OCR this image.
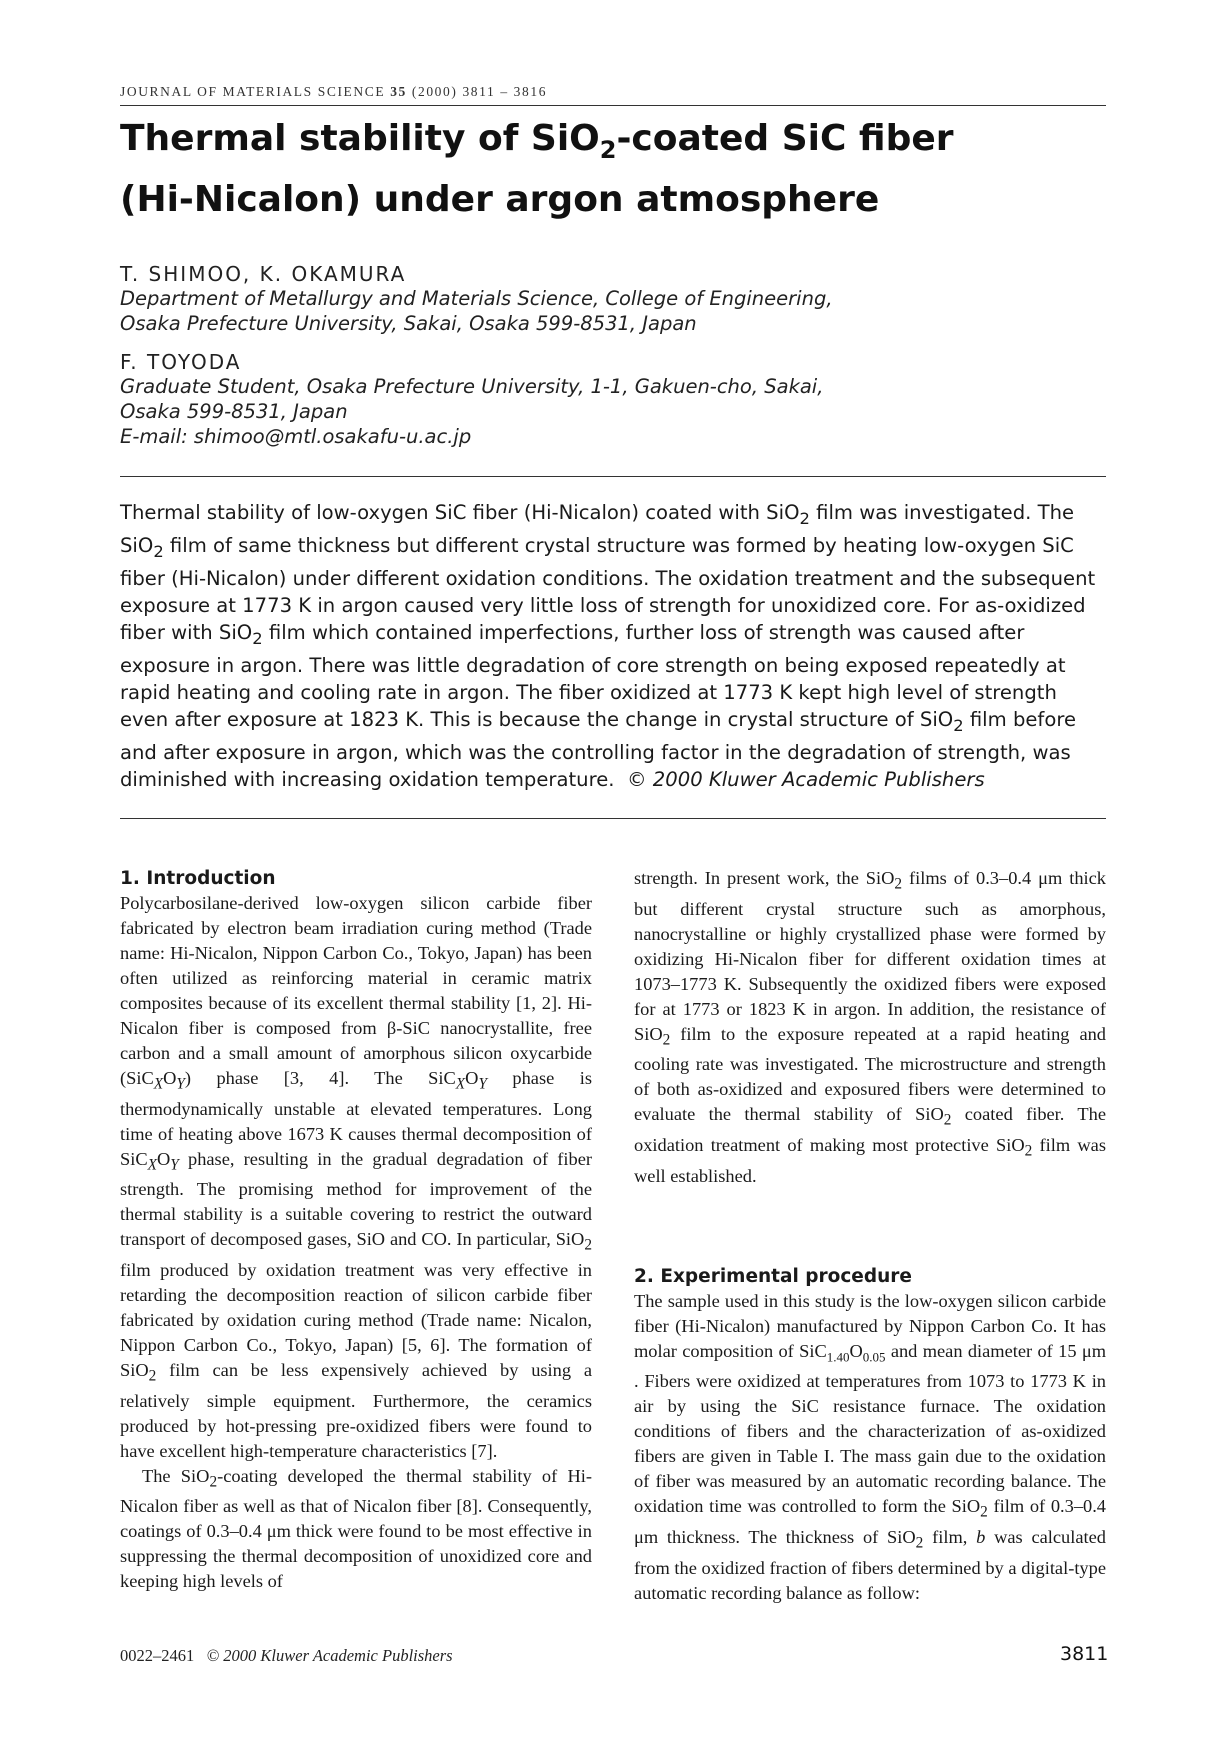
JOURNAL OF MATERIALS SCIENCE 35 (2000) 3811 – 3816
Thermal stability of SiO$_2$-coated SiC fiber
(Hi-Nicalon) under argon atmosphere
T. SHIMOO, K. OKAMURA
Department of Metallurgy and Materials Science, College of Engineering,
Osaka Prefecture University, Sakai, Osaka 599-8531, Japan
F. TOYODA
Graduate Student, Osaka Prefecture University, 1-1, Gakuen-cho, Sakai,
Osaka 599-8531, Japan
E-mail: shimoo@mtl.osakafu-u.ac.jp

Thermal stability of low-oxygen SiC fiber (Hi-Nicalon) coated with SiO$_2$ film was investigated. The SiO$_2$ film of same thickness but different crystal structure was formed by heating low-oxygen SiC fiber (Hi-Nicalon) under different oxidation conditions. The oxidation treatment and the subsequent exposure at 1773 K in argon caused very little loss of strength for unoxidized core. For as-oxidized fiber with SiO$_2$ film which contained imperfections, further loss of strength was caused after exposure in argon. There was little degradation of core strength on being exposed repeatedly at rapid heating and cooling rate in argon. The fiber oxidized at 1773 K kept high level of strength even after exposure at 1823 K. This is because the change in crystal structure of SiO$_2$ film before and after exposure in argon, which was the controlling factor in the degradation of strength, was diminished with increasing oxidation temperature. © 2000 Kluwer Academic Publishers

1. Introduction

Polycarbosilane-derived low-oxygen silicon carbide fiber fabricated by electron beam irradiation curing method (Trade name: Hi-Nicalon, Nippon Carbon Co., Tokyo, Japan) has been often utilized as reinforcing material in ceramic matrix composites because of its excellent thermal stability [1, 2]. Hi-Nicalon fiber is composed from β-SiC nanocrystallite, free carbon and a small amount of amorphous silicon oxycarbide $(SiC_XO_Y)$ phase [3, 4]. The $SiC_XO_Y$ phase is thermodynamically unstable at elevated temperatures. Long time of heating above 1673 K causes thermal decomposition of $SiC_XO_Y$ phase, resulting in the gradual degradation of fiber strength. The promising method for improvement of the thermal stability is a suitable covering to restrict the outward transport of decomposed gases, SiO and CO. In particular, SiO$_2$ film produced by oxidation treatment was very effective in retarding the decomposition reaction of silicon carbide fiber fabricated by oxidation curing method (Trade name: Nicalon, Nippon Carbon Co., Tokyo, Japan) [5, 6]. The formation of SiO$_2$ film can be less expensively achieved by using a relatively simple equipment. Furthermore, the ceramics produced by hot-pressing pre-oxidized fibers were found to have excellent high-temperature characteristics [7].

The SiO$_2$-coating developed the thermal stability of Hi-Nicalon fiber as well as that of Nicalon fiber [8]. Consequently, coatings of 0.3–0.4 μm thick were found to be most effective in suppressing the thermal decomposition of unoxidized core and keeping high levels of

strength. In present work, the SiO$_2$ films of 0.3–0.4 μm thick but different crystal structure such as amorphous, nanocrystalline or highly crystallized phase were formed by oxidizing Hi-Nicalon fiber for different oxidation times at 1073–1773 K. Subsequently the oxidized fibers were exposed for at 1773 or 1823 K in argon. In addition, the resistance of SiO$_2$ film to the exposure repeated at a rapid heating and cooling rate was investigated. The microstructure and strength of both as-oxidized and exposured fibers were determined to evaluate the thermal stability of SiO$_2$ coated fiber. The oxidation treatment of making most protective SiO$_2$ film was well established.

2. Experimental procedure

The sample used in this study is the low-oxygen silicon carbide fiber (Hi-Nicalon) manufactured by Nippon Carbon Co. It has molar composition of $SiC_{1.40}O_{0.05}$ and mean diameter of 15 μm . Fibers were oxidized at temperatures from 1073 to 1773 K in air by using the SiC resistance furnace. The oxidation conditions of fibers and the characterization of as-oxidized fibers are given in Table I. The mass gain due to the oxidation of fiber was measured by an automatic recording balance. The oxidation time was controlled to form the SiO$_2$ film of 0.3–0.4 μm thickness. The thickness of SiO$_2$ film, b was calculated from the oxidized fraction of fibers determined by a digital-type automatic recording balance as follow:

0022–2461 © 2000 Kluwer Academic Publishers	3811
